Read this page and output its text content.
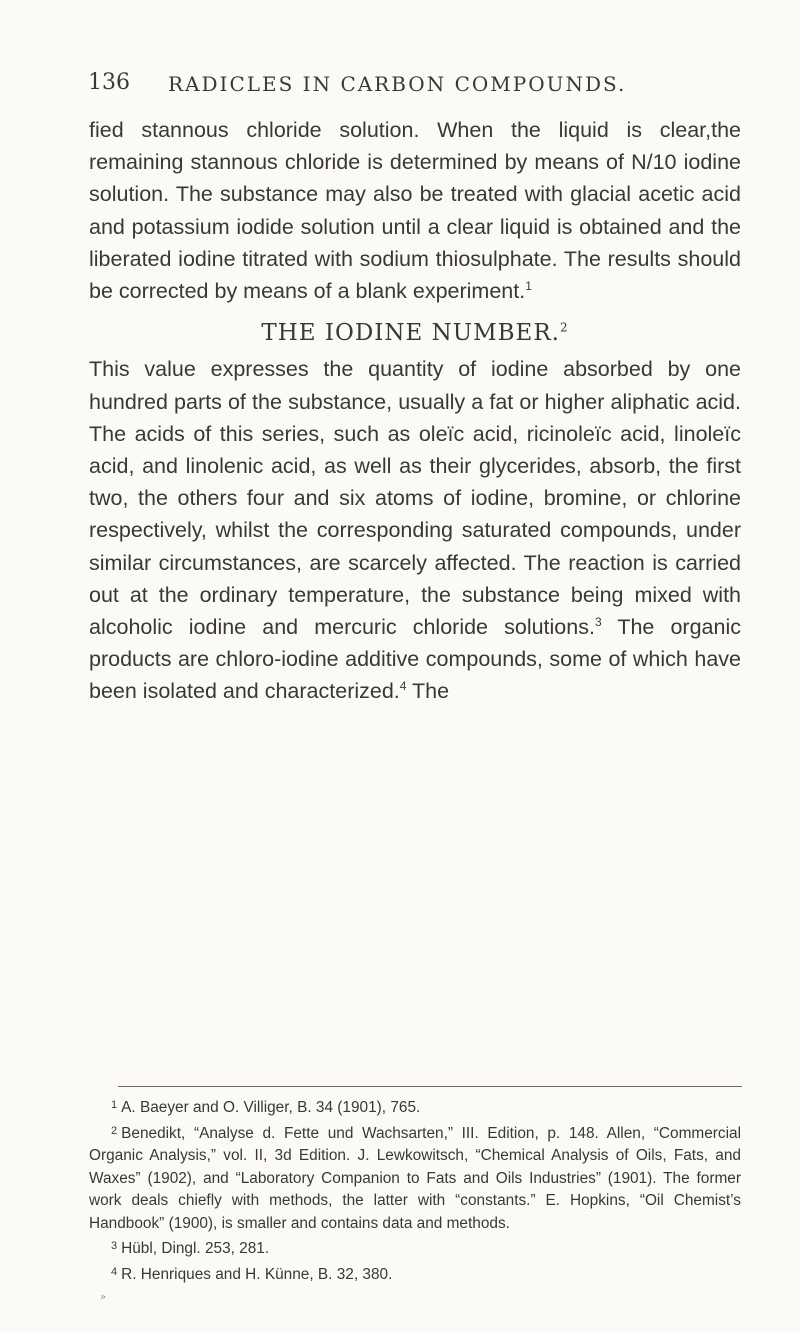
136 RADICLES IN CARBON COMPOUNDS.

fied stannous chloride solution. When the liquid is clear,the remaining stannous chloride is determined by means of N/10 iodine solution. The substance may also be treated with glacial acetic acid and potassium iodide solution until a clear liquid is obtained and the liberated iodine titrated with sodium thiosulphate. The results should be corrected by means of a blank experiment.$^1$

THE IODINE NUMBER.$^2$

This value expresses the quantity of iodine absorbed by one hundred parts of the substance, usually a fat or higher aliphatic acid. The acids of this series, such as oleïc acid, ricinoleïc acid, linoleïc acid, and linolenic acid, as well as their glycerides, absorb, the first two, the others four and six atoms of iodine, bromine, or chlorine respectively, whilst the corresponding saturated compounds, under similar circumstances, are scarcely affected. The reaction is carried out at the ordinary temperature, the substance being mixed with alcoholic iodine and mercuric chloride solutions.$^3$ The organic products are chloro-iodine additive compounds, some of which have been isolated and characterized.$^4$ The

$^1$ A. Baeyer and O. Villiger, B. 34 (1901), 765.

$^2$ Benedikt, “Analyse d. Fette und Wachsarten,” III. Edition, p. 148. Allen, “Commercial Organic Analysis,” vol. II, 3d Edition. J. Lewkowitsch, “Chemical Analysis of Oils, Fats, and Waxes” (1902), and “Laboratory Companion to Fats and Oils Industries” (1901). The former work deals chiefly with methods, the latter with “constants.” E. Hopkins, “Oil Chemist’s Handbook” (1900), is smaller and contains data and methods.

$^3$ Hübl, Dingl. 253, 281.

$^4$ R. Henriques and H. Künne, B. 32, 380.

»
